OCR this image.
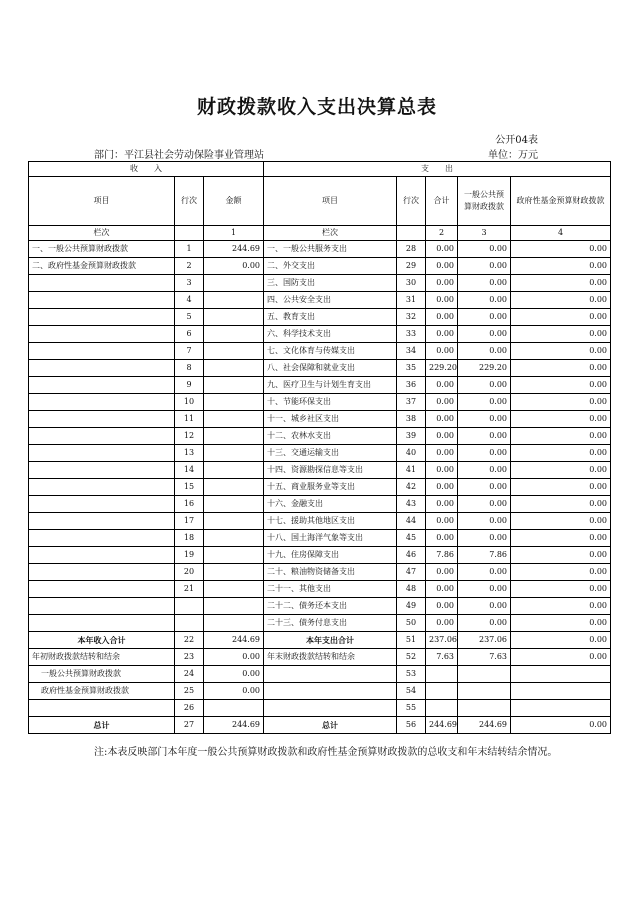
财政拨款收入支出决算总表
公开04表
部门：平江县社会劳动保险事业管理站	单位：万元
收　　入			支　　出				
项目	行次	金额	项目	行次	合计	一般公共预算财政拨款	政府性基金预算财政拨款
栏次		1	栏次		2	3	4
一、一般公共预算财政拨款	1	244.69	一、一般公共服务支出	28	0.00	0.00	0.00
二、政府性基金预算财政拨款	2	0.00	二、外交支出	29	0.00	0.00	0.00
	3		三、国防支出	30	0.00	0.00	0.00
	4		四、公共安全支出	31	0.00	0.00	0.00
	5		五、教育支出	32	0.00	0.00	0.00
	6		六、科学技术支出	33	0.00	0.00	0.00
	7		七、文化体育与传媒支出	34	0.00	0.00	0.00
	8		八、社会保障和就业支出	35	229.20	229.20	0.00
	9		九、医疗卫生与计划生育支出	36	0.00	0.00	0.00
	10		十、节能环保支出	37	0.00	0.00	0.00
	11		十一、城乡社区支出	38	0.00	0.00	0.00
	12		十二、农林水支出	39	0.00	0.00	0.00
	13		十三、交通运输支出	40	0.00	0.00	0.00
	14		十四、资源勘探信息等支出	41	0.00	0.00	0.00
	15		十五、商业服务业等支出	42	0.00	0.00	0.00
	16		十六、金融支出	43	0.00	0.00	0.00
	17		十七、援助其他地区支出	44	0.00	0.00	0.00
	18		十八、国土海洋气象等支出	45	0.00	0.00	0.00
	19		十九、住房保障支出	46	7.86	7.86	0.00
	20		二十、粮油物资储备支出	47	0.00	0.00	0.00
	21		二十一、其他支出	48	0.00	0.00	0.00
			二十二、债务还本支出	49	0.00	0.00	0.00
			二十三、债务付息支出	50	0.00	0.00	0.00
本年收入合计	22	244.69	本年支出合计	51	237.06	237.06	0.00
年初财政拨款结转和结余	23	0.00	年末财政拨款结转和结余	52	7.63	7.63	0.00
一般公共预算财政拨款	24	0.00		53			
政府性基金预算财政拨款	25	0.00		54			
	26			55			
总计	27	244.69	总计	56	244.69	244.69	0.00
注:本表反映部门本年度一般公共预算财政拨款和政府性基金预算财政拨款的总收支和年末结转结余情况。
